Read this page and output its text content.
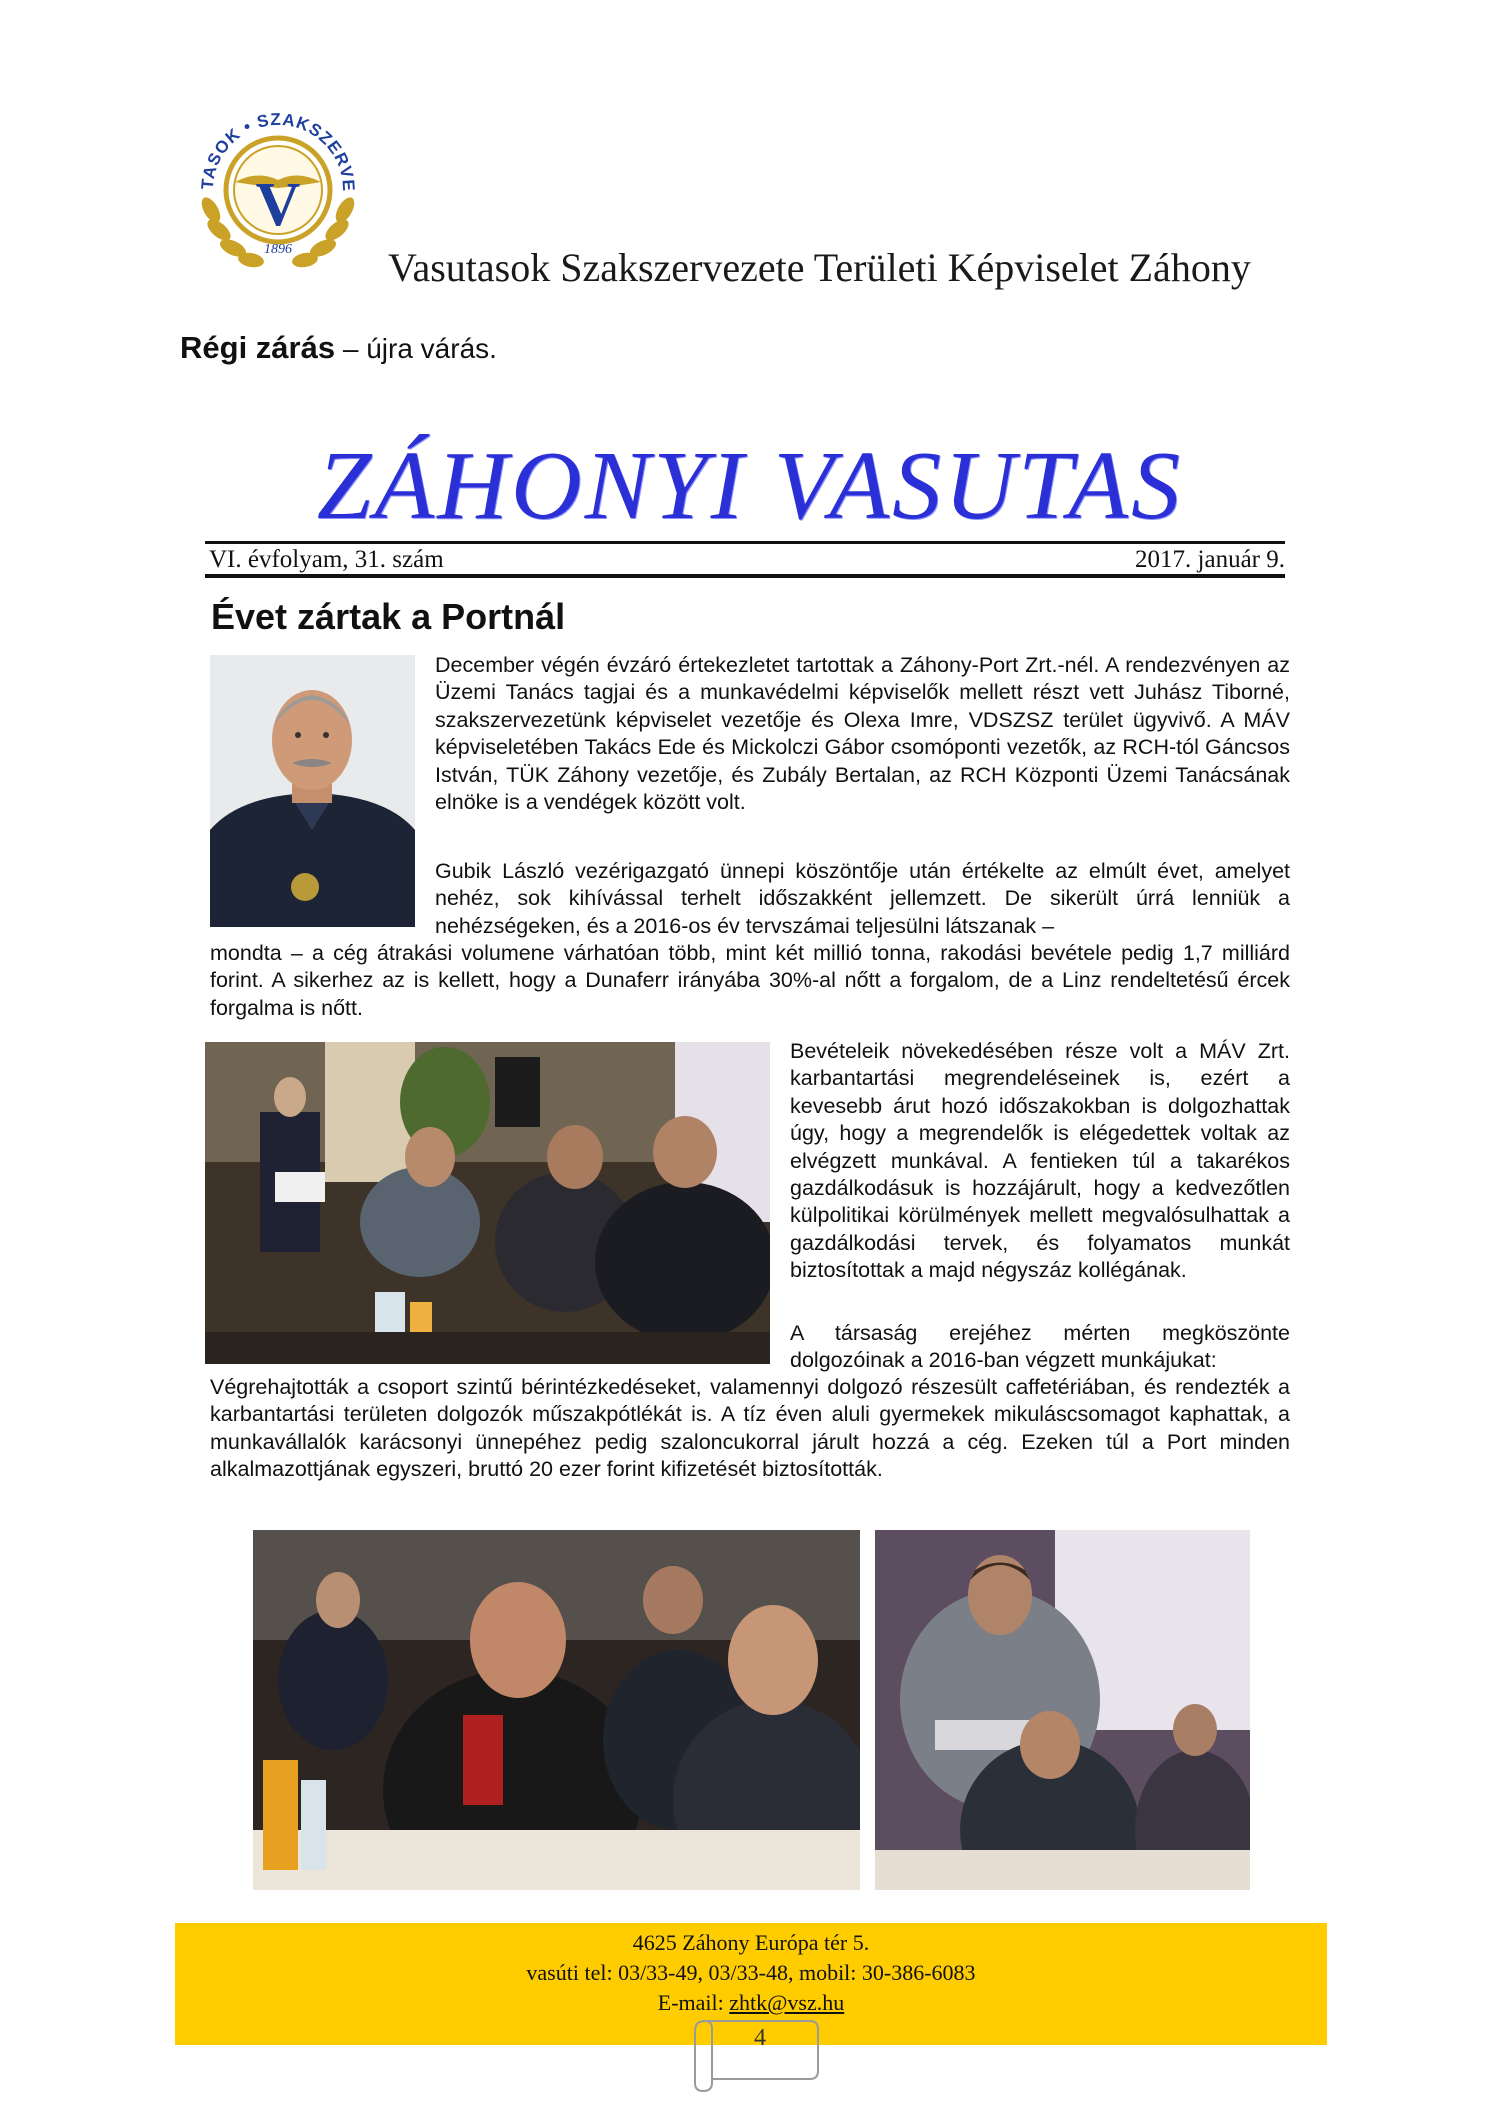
V
TASOK • SZAKSZERVE
1896 Vasutasok Szakszervezete Területi Képviselet Záhony
Régi zárás – újra várás.
ZÁHONYI VASUTAS
VI. évfolyam, 31. szám	2017. január 9.
Évet zártak a Portnál
December végén évzáró értekezletet tartottak a Záhony-Port Zrt.-nél. A rendezvényen az Üzemi Tanács tagjai és a munkavédelmi képviselők mellett részt vett Juhász Tiborné, szakszervezetünk képviselet vezetője és Olexa Imre, VDSZSZ terület ügyvivő. A MÁV képviseletében Takács Ede és Mickolczi Gábor csomóponti vezetők, az RCH-tól Gáncsos István, TÜK Záhony vezetője, és Zubály Bertalan, az RCH Központi Üzemi Tanácsának elnöke is a vendégek között volt.
Gubik László vezérigazgató ünnepi köszöntője után értékelte az elmúlt évet, amelyet nehéz, sok kihívással terhelt időszakként jellemzett. De sikerült úrrá lenniük a nehézségeken, és a 2016-os év tervszámai teljesülni látszanak –
mondta – a cég átrakási volumene várhatóan több, mint két millió tonna, rakodási bevétele pedig 1,7 milliárd forint. A sikerhez az is kellett, hogy a Dunaferr irányába 30%-al nőtt a forgalom, de a Linz rendeltetésű ércek forgalma is nőtt.
Bevételeik növekedésében része volt a MÁV Zrt. karbantartási megrendeléseinek is, ezért a kevesebb árut hozó időszakokban is dolgozhattak úgy, hogy a megrendelők is elégedettek voltak az elvégzett munkával. A fentieken túl a takarékos gazdálkodásuk is hozzájárult, hogy a kedvezőtlen külpolitikai körülmények mellett megvalósulhattak a gazdálkodási tervek, és folyamatos munkát biztosítottak a majd négyszáz kollégának.
A társaság erejéhez mérten megköszönte dolgozóinak a 2016-ban végzett munkájukat:
Végrehajtották a csoport szintű bérintézkedéseket, valamennyi dolgozó részesült caffetériában, és rendezték a karbantartási területen dolgozók műszakpótlékát is. A tíz éven aluli gyermekek mikuláscsomagot kaphattak, a munkavállalók karácsonyi ünnepéhez pedig szaloncukorral járult hozzá a cég. Ezeken túl a Port minden alkalmazottjának egyszeri, bruttó 20 ezer forint kifizetését biztosították.
4625 Záhony Európa tér 5.
vasúti tel: 03/33-49, 03/33-48, mobil: 30-386-6083
E-mail: zhtk@vsz.hu
4
